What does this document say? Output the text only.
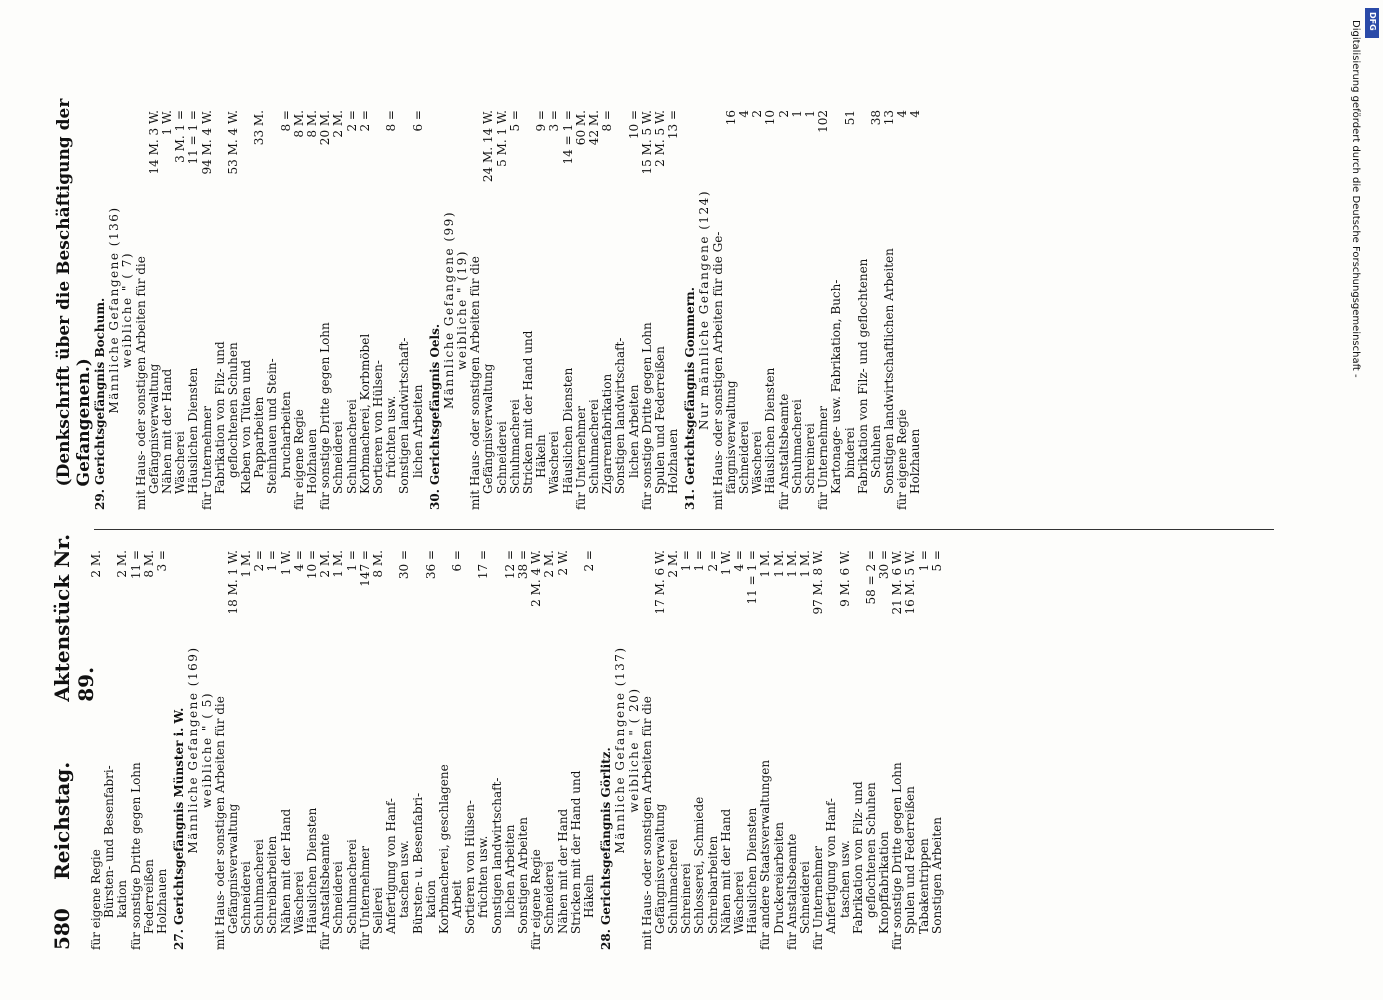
580
Reichstag.
Aktenstück Nr. 89.
(Denkschrift über die Beschäftigung der Gefangenen.)
für eigene Regie
2 M.
Bürsten- und Besenfabri- kation
2 M.
für sonstige Dritte gegen Lohn
11 =
Federreißen
8 M.
Holzhauen
3 =
27. Gerichtsgefängnis Münster i. W. Männliche Gefangene (169) weibliche " ( 5) mit Haus- oder sonstigen Arbeiten für die Gefängnisverwaltung
18 M. 1 W.
Schneiderei
1 M.
Schuhmacherei
2 =
Schreibarbeiten
1 =
Nähen mit der Hand
1 W.
Wäscherei
4 =
Häuslichen Diensten
10 =
für Anstaltsbeamte
2 M.
Schneiderei
1 M.
Schuhmacherei
1 =
für Unternehmer
147 =
Seilerei
8 M.
Anfertigung von Hanf- taschen usw.
30 =
Bürsten- u. Besenfabri- kation
36 =
Korbmacherei, geschlagene Arbeit
6 =
Sortieren von Hülsen- früchten usw.
17 =
Sonstigen landwirtschaft- lichen Arbeiten
12 =
Sonstigen Arbeiten
38 =
für eigene Regie
2 M. 4 W.
Schneiderei
2 M.
Nähen mit der Hand
2 W.
Stricken mit der Hand und Häkeln
2 =
28. Gerichtsgefängnis Görlitz. Männliche Gefangene (137) weibliche " ( 20) mit Haus- oder sonstigen Arbeiten für die Gefängnisverwaltung
17 M. 6 W.
Schuhmacherei
2 M.
Schreinerei
1 =
Schlosserei, Schmiede
1 =
Schreibarbeiten
2 =
Nähen mit der Hand
1 W.
Wäscherei
4 =
Häuslichen Diensten
11 = 1 =
für andere Staatsverwaltungen
1 M.
Druckereiarbeiten
1 M.
für Anstaltsbeamte
1 M.
Schneiderei
1 M.
für Unternehmer
97 M. 8 W.
Anfertigung von Hanf- taschen usw.
9 M. 6 W.
Fabrikation von Filz- und geflochtenen Schuhen
58 = 2 =
Knopffabrikation
30 =
für sonstige Dritte gegen Lohn
21 M. 6 W.
Spulen und Federreißen
16 M. 5 W.
Tabakentrippen
1 =
Sonstigen Arbeiten
5 =
29. Gerichtsgefängnis Bochum. Männliche Gefangene (136) weibliche " ( 7) mit Haus- oder sonstigen Arbeiten für die Gefängnisverwaltung
14 M. 3 W.
Nähen mit der Hand
1 W.
Wäscherei
3 M. 1 =
Häuslichen Diensten
11 = 1 =
für Unternehmer
94 M. 4 W.
Fabrikation von Filz- und geflochtenen Schuhen
53 M. 4 W.
Kleben von Tüten und Papparbeiten
33 M.
Steinhauen und Stein- brucharbeiten
8 =
für eigene Regie
8 M.
Holzhauen
8 M.
für sonstige Dritte gegen Lohn
20 M.
Schneiderei
2 M.
Schuhmacherei
2 =
Korbmacherei, Korbmöbel
2 =
Sortieren von Hülsen- früchten usw.
8 =
Sonstigen landwirtschaft- lichen Arbeiten
6 =
30. Gerichtsgefängnis Oels.
Männliche Gefangene (99) weibliche " (19) mit Haus- oder sonstigen Arbeiten für die Gefängnisverwaltung
24 M. 14 W.
Schneiderei
5 M. 1 W.
Schuhmacherei
5 =
Stricken mit der Hand und Häkeln
9 =
Wäscherei
3 =
Häuslichen Diensten
14 = 1 =
für Unternehmer
60 M.
Schuhmacherei
42 M.
Zigarrenfabrikation
8 =
Sonstigen landwirtschaft- lichen Arbeiten
10 =
für sonstige Dritte gegen Lohn
15 M. 5 W.
Spulen und Federreißen
2 M. 5 W.
Holzhauen
13 =
31. Gerichtsgefängnis Gommern. Nur männliche Gefangene (124) mit Haus- oder sonstigen Arbeiten für die Ge- fängnisverwaltung
16
Schneiderei
4
Wäscherei
2
Häuslichen Diensten
10
für Anstaltsbeamte
2
Schuhmacherei
1
Schreinerei
1
für Unternehmer
102
Kartonage- usw. Fabrikation, Buch- binderei
51
Fabrikation von Filz- und geflochtenen Schuhen
38
Sonstigen landwirtschaftlichen Arbeiten
13
für eigene Regie
4
Holzhauen
4
DFG
Digitalisierung gefördert durch die Deutsche Forschungsgemeinschaft -
